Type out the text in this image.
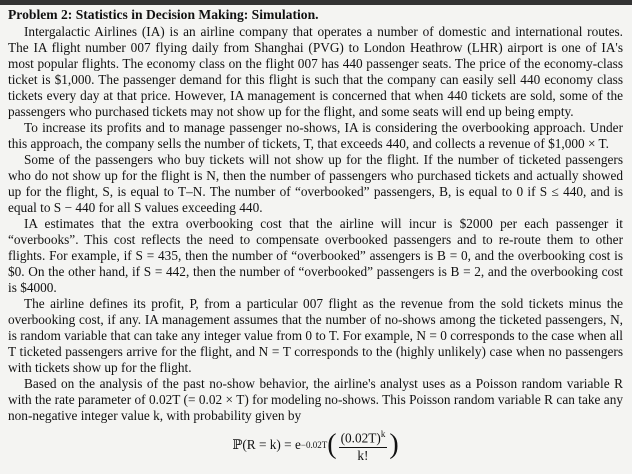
Problem 2: Statistics in Decision Making: Simulation.

Intergalactic Airlines (IA) is an airline company that operates a number of domestic and international routes. The IA flight number 007 flying daily from Shanghai (PVG) to London Heathrow (LHR) airport is one of IA's most popular flights. The economy class on the flight 007 has 440 passenger seats. The price of the economy-class ticket is $1,000. The passenger demand for this flight is such that the company can easily sell 440 economy class tickets every day at that price. However, IA management is concerned that when 440 tickets are sold, some of the passengers who purchased tickets may not show up for the flight, and some seats will end up being empty.

To increase its profits and to manage passenger no-shows, IA is considering the overbooking approach. Under this approach, the company sells the number of tickets, T, that exceeds 440, and collects a revenue of $1,000 × T.

Some of the passengers who buy tickets will not show up for the flight. If the number of ticketed passengers who do not show up for the flight is N, then the number of passengers who purchased tickets and actually showed up for the flight, S, is equal to T–N. The number of “overbooked” passengers, B, is equal to 0 if S ≤ 440, and is equal to S − 440 for all S values exceeding 440.

IA estimates that the extra overbooking cost that the airline will incur is $2000 per each passenger it “overbooks”. This cost reflects the need to compensate overbooked passengers and to re-route them to other flights. For example, if S = 435, then the number of “overbooked” assengers is B = 0, and the overbooking cost is $0. On the other hand, if S = 442, then the number of “overbooked” passengers is B = 2, and the overbooking cost is $4000.

The airline defines its profit, P, from a particular 007 flight as the revenue from the sold tickets minus the overbooking cost, if any. IA management assumes that the number of no-shows among the ticketed passengers, N, is random variable that can take any integer value from 0 to T. For example, N = 0 corresponds to the case when all T ticketed passengers arrive for the flight, and N = T corresponds to the (highly unlikely) case when no passengers with tickets show up for the flight.

Based on the analysis of the past no-show behavior, the airline's analyst uses as a Poisson random variable R with the rate parameter of 0.02T (= 0.02 × T) for modeling no-shows. This Poisson random variable R can take any non-negative integer value k, with probability given by

ℙ(R = k) = e −0.02T ( $\frac{(0.02T)^k}{k!}$ )
